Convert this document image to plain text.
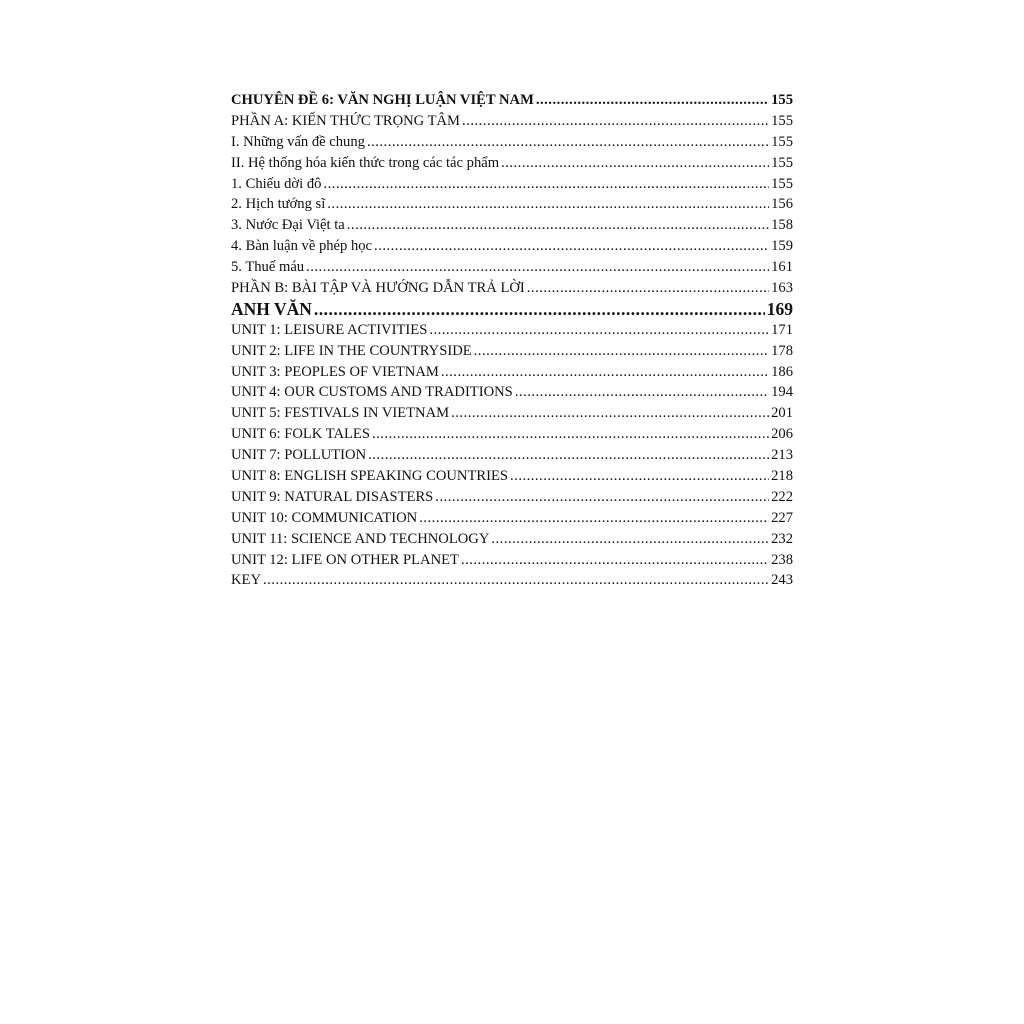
CHUYÊN ĐỀ 6: VĂN NGHỊ LUẬN VIỆT NAM .....	155
PHẦN A: KIẾN THỨC TRỌNG TÂM .....	155
I. Những vấn đề chung .....	155
II. Hệ thống hóa kiến thức trong các tác phẩm .....	155
1. Chiếu dời đô .....	155
2. Hịch tướng sĩ .....	156
3. Nước Đại Việt ta .....	158
4. Bàn luận về phép học .....	159
5. Thuế máu .....	161
PHẦN B: BÀI TẬP VÀ HƯỚNG DẪN TRẢ LỜI .....	163
ANH VĂN .....	169
UNIT 1: LEISURE ACTIVITIES .....	171
UNIT 2: LIFE IN THE COUNTRYSIDE .....	178
UNIT 3: PEOPLES OF VIETNAM .....	186
UNIT 4: OUR CUSTOMS AND TRADITIONS .....	194
UNIT 5: FESTIVALS IN VIETNAM .....	201
UNIT 6: FOLK TALES .....	206
UNIT 7: POLLUTION .....	213
UNIT 8: ENGLISH SPEAKING COUNTRIES .....	218
UNIT 9: NATURAL DISASTERS .....	222
UNIT 10: COMMUNICATION .....	227
UNIT 11: SCIENCE AND TECHNOLOGY .....	232
UNIT 12: LIFE ON OTHER PLANET .....	238
KEY .....	243
